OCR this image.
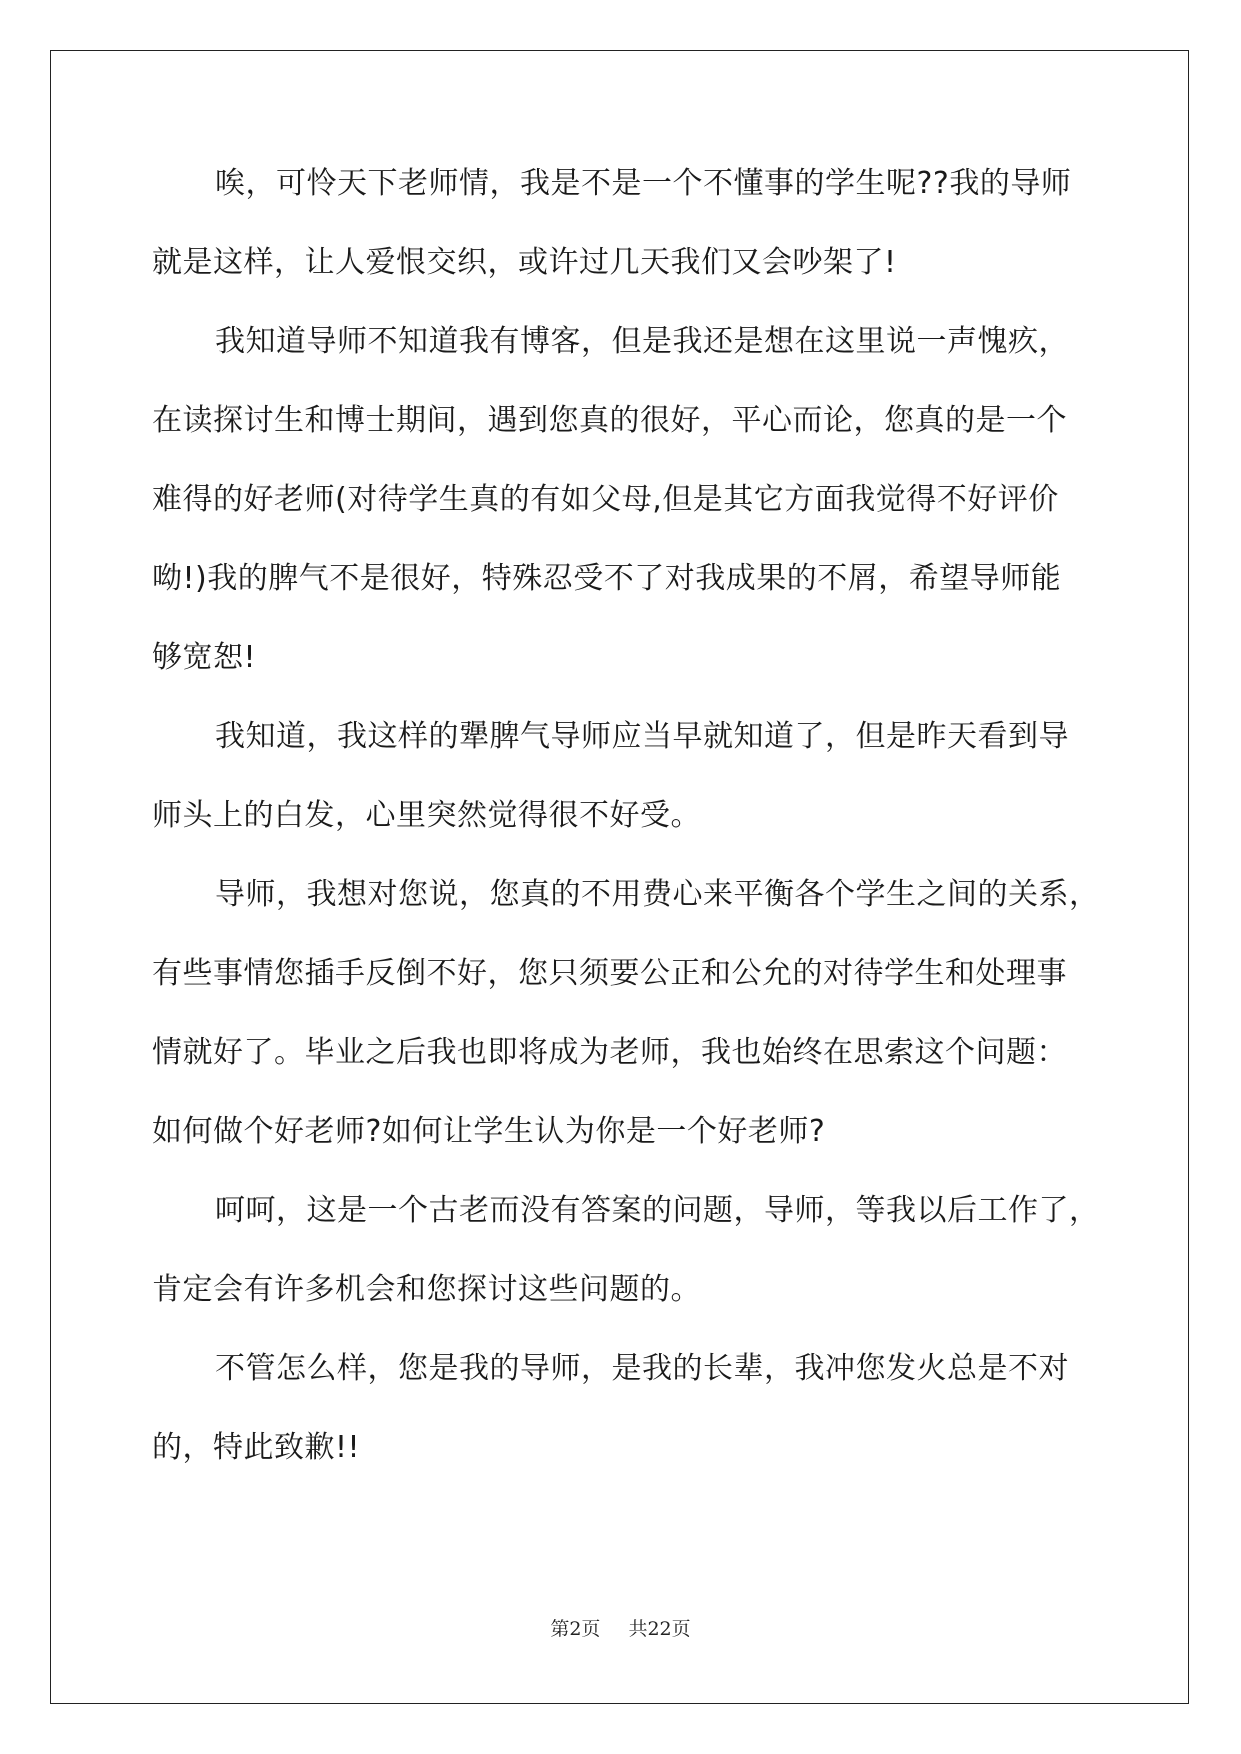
唉，可怜天下老师情，我是不是一个不懂事的学生呢??我的导师
就是这样，让人爱恨交织，或许过几天我们又会吵架了!
我知道导师不知道我有博客，但是我还是想在这里说一声愧疚，
在读探讨生和博士期间，遇到您真的很好，平心而论，您真的是一个
难得的好老师(对待学生真的有如父母,但是其它方面我觉得不好评价
呦!)我的脾气不是很好，特殊忍受不了对我成果的不屑，希望导师能
够宽恕!
我知道，我这样的犟脾气导师应当早就知道了，但是昨天看到导
师头上的白发，心里突然觉得很不好受。
导师，我想对您说，您真的不用费心来平衡各个学生之间的关系，
有些事情您插手反倒不好，您只须要公正和公允的对待学生和处理事
情就好了。毕业之后我也即将成为老师，我也始终在思索这个问题：
如何做个好老师?如何让学生认为你是一个好老师?
呵呵，这是一个古老而没有答案的问题，导师，等我以后工作了，
肯定会有许多机会和您探讨这些问题的。
不管怎么样，您是我的导师，是我的长辈，我冲您发火总是不对
的，特此致歉!!
第2页 共22页
